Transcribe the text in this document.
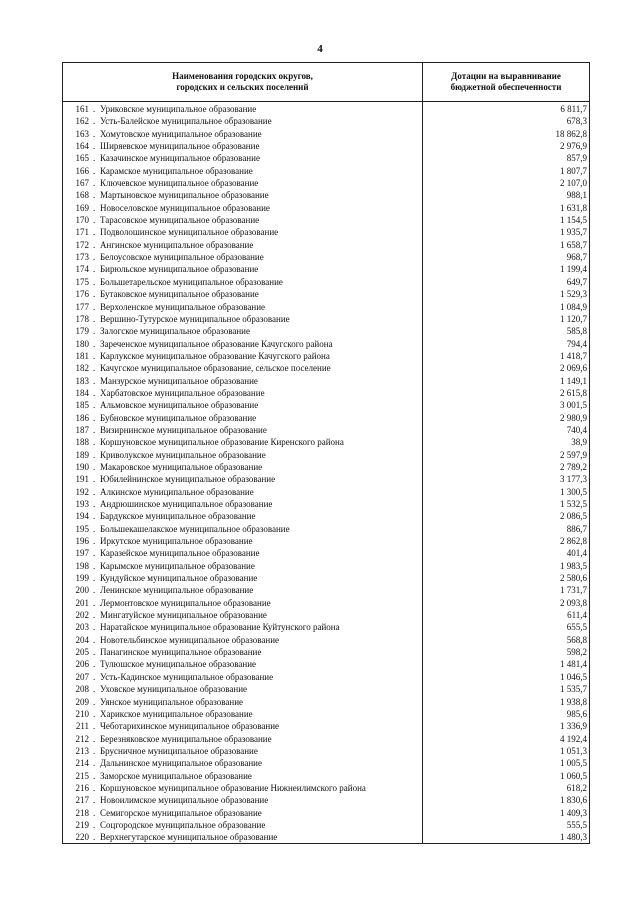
4
Наименования городских округов,
городских и сельских поселений
Дотации на выравнивание
бюджетной обеспеченности
161 . Уриковское муниципальное образование	6 811,7
162 . Усть-Балейское муниципальное образование	678,3
163 . Хомутовское муниципальное образование	18 862,8
164 . Ширяевское муниципальное образование	2 976,9
165 . Казачинское муниципальное образование	857,9
166 . Карамское муниципальное образование	1 807,7
167 . Ключевское муниципальное образование	2 107,0
168 . Мартыновское муниципальное образование	988,1
169 . Новоселовское муниципальное образование	1 631,8
170 . Тарасовское муниципальное образование	1 154,5
171 . Подволошинское муниципальное образование	1 935,7
172 . Ангинское муниципальное образование	1 658,7
173 . Белоусовское муниципальное образование	968,7
174 . Бирюльское муниципальное образование	1 199,4
175 . Большетарельское муниципальное образование	649,7
176 . Бутаковское муниципальное образование	1 529,3
177 . Верхоленское муниципальное образование	1 084,9
178 . Вершино-Тутурское муниципальное образование	1 120,7
179 . Залогское муниципальное образование	585,8
180 . Зареченское муниципальное образование Качугского района	794,4
181 . Карлукское муниципальное образование Качугского района	1 418,7
182 . Качугское муниципальное образование, сельское поселение	2 069,6
183 . Манзурское муниципальное образование	1 149,1
184 . Харбатовское муниципальное образование	2 615,8
185 . Альмовское муниципальное образование	3 001,5
186 . Бубновское муниципальное образование	2 980,9
187 . Визирнинское муниципальное образование	740,4
188 . Коршуновское муниципальное образование Киренского района	38,9
189 . Криволукское муниципальное образование	2 597,9
190 . Макаровское муниципальное образование	2 789,2
191 . Юбилейнинское муниципальное образование	3 177,3
192 . Алкинское муниципальное образование	1 300,5
193 . Андрюшинское муниципальное образование	1 532,5
194 . Бардукское муниципальное образование	2 086,5
195 . Большекашелакское муниципальное образование	886,7
196 . Иркутское муниципальное образование	2 862,8
197 . Каразейское муниципальное образование	401,4
198 . Карымское муниципальное образование	1 983,5
199 . Кундуйское муниципальное образование	2 580,6
200 . Ленинское муниципальное образование	1 731,7
201 . Лермонтовское муниципальное образование	2 093,8
202 . Мингатуйское муниципальное образование	611,4
203 . Наратайское муниципальное образование Куйтунского района	655,5
204 . Новотельбинское муниципальное образование	568,8
205 . Панагинское муниципальное образование	598,2
206 . Тулюшское муниципальное образование	1 481,4
207 . Усть-Кадинское муниципальное образование	1 046,5
208 . Уховское муниципальное образование	1 535,7
209 . Уянское муниципальное образование	1 938,8
210 . Харикское муниципальное образование	985,6
211 . Чеботарихинское муниципальное образование	1 336,9
212 . Березняковское муниципальное образование	4 192,4
213 . Брусничное муниципальное образование	1 051,3
214 . Дальнинское муниципальное образование	1 005,5
215 . Заморское муниципальное образование	1 060,5
216 . Коршуновское муниципальное образование Нижнеилимского района	618,2
217 . Новоилимское муниципальное образование	1 830,6
218 . Семигорское муниципальное образование	1 409,3
219 . Соцгородское муниципальное образование	555,5
220 . Верхнегутарское муниципальное образование	1 480,3
